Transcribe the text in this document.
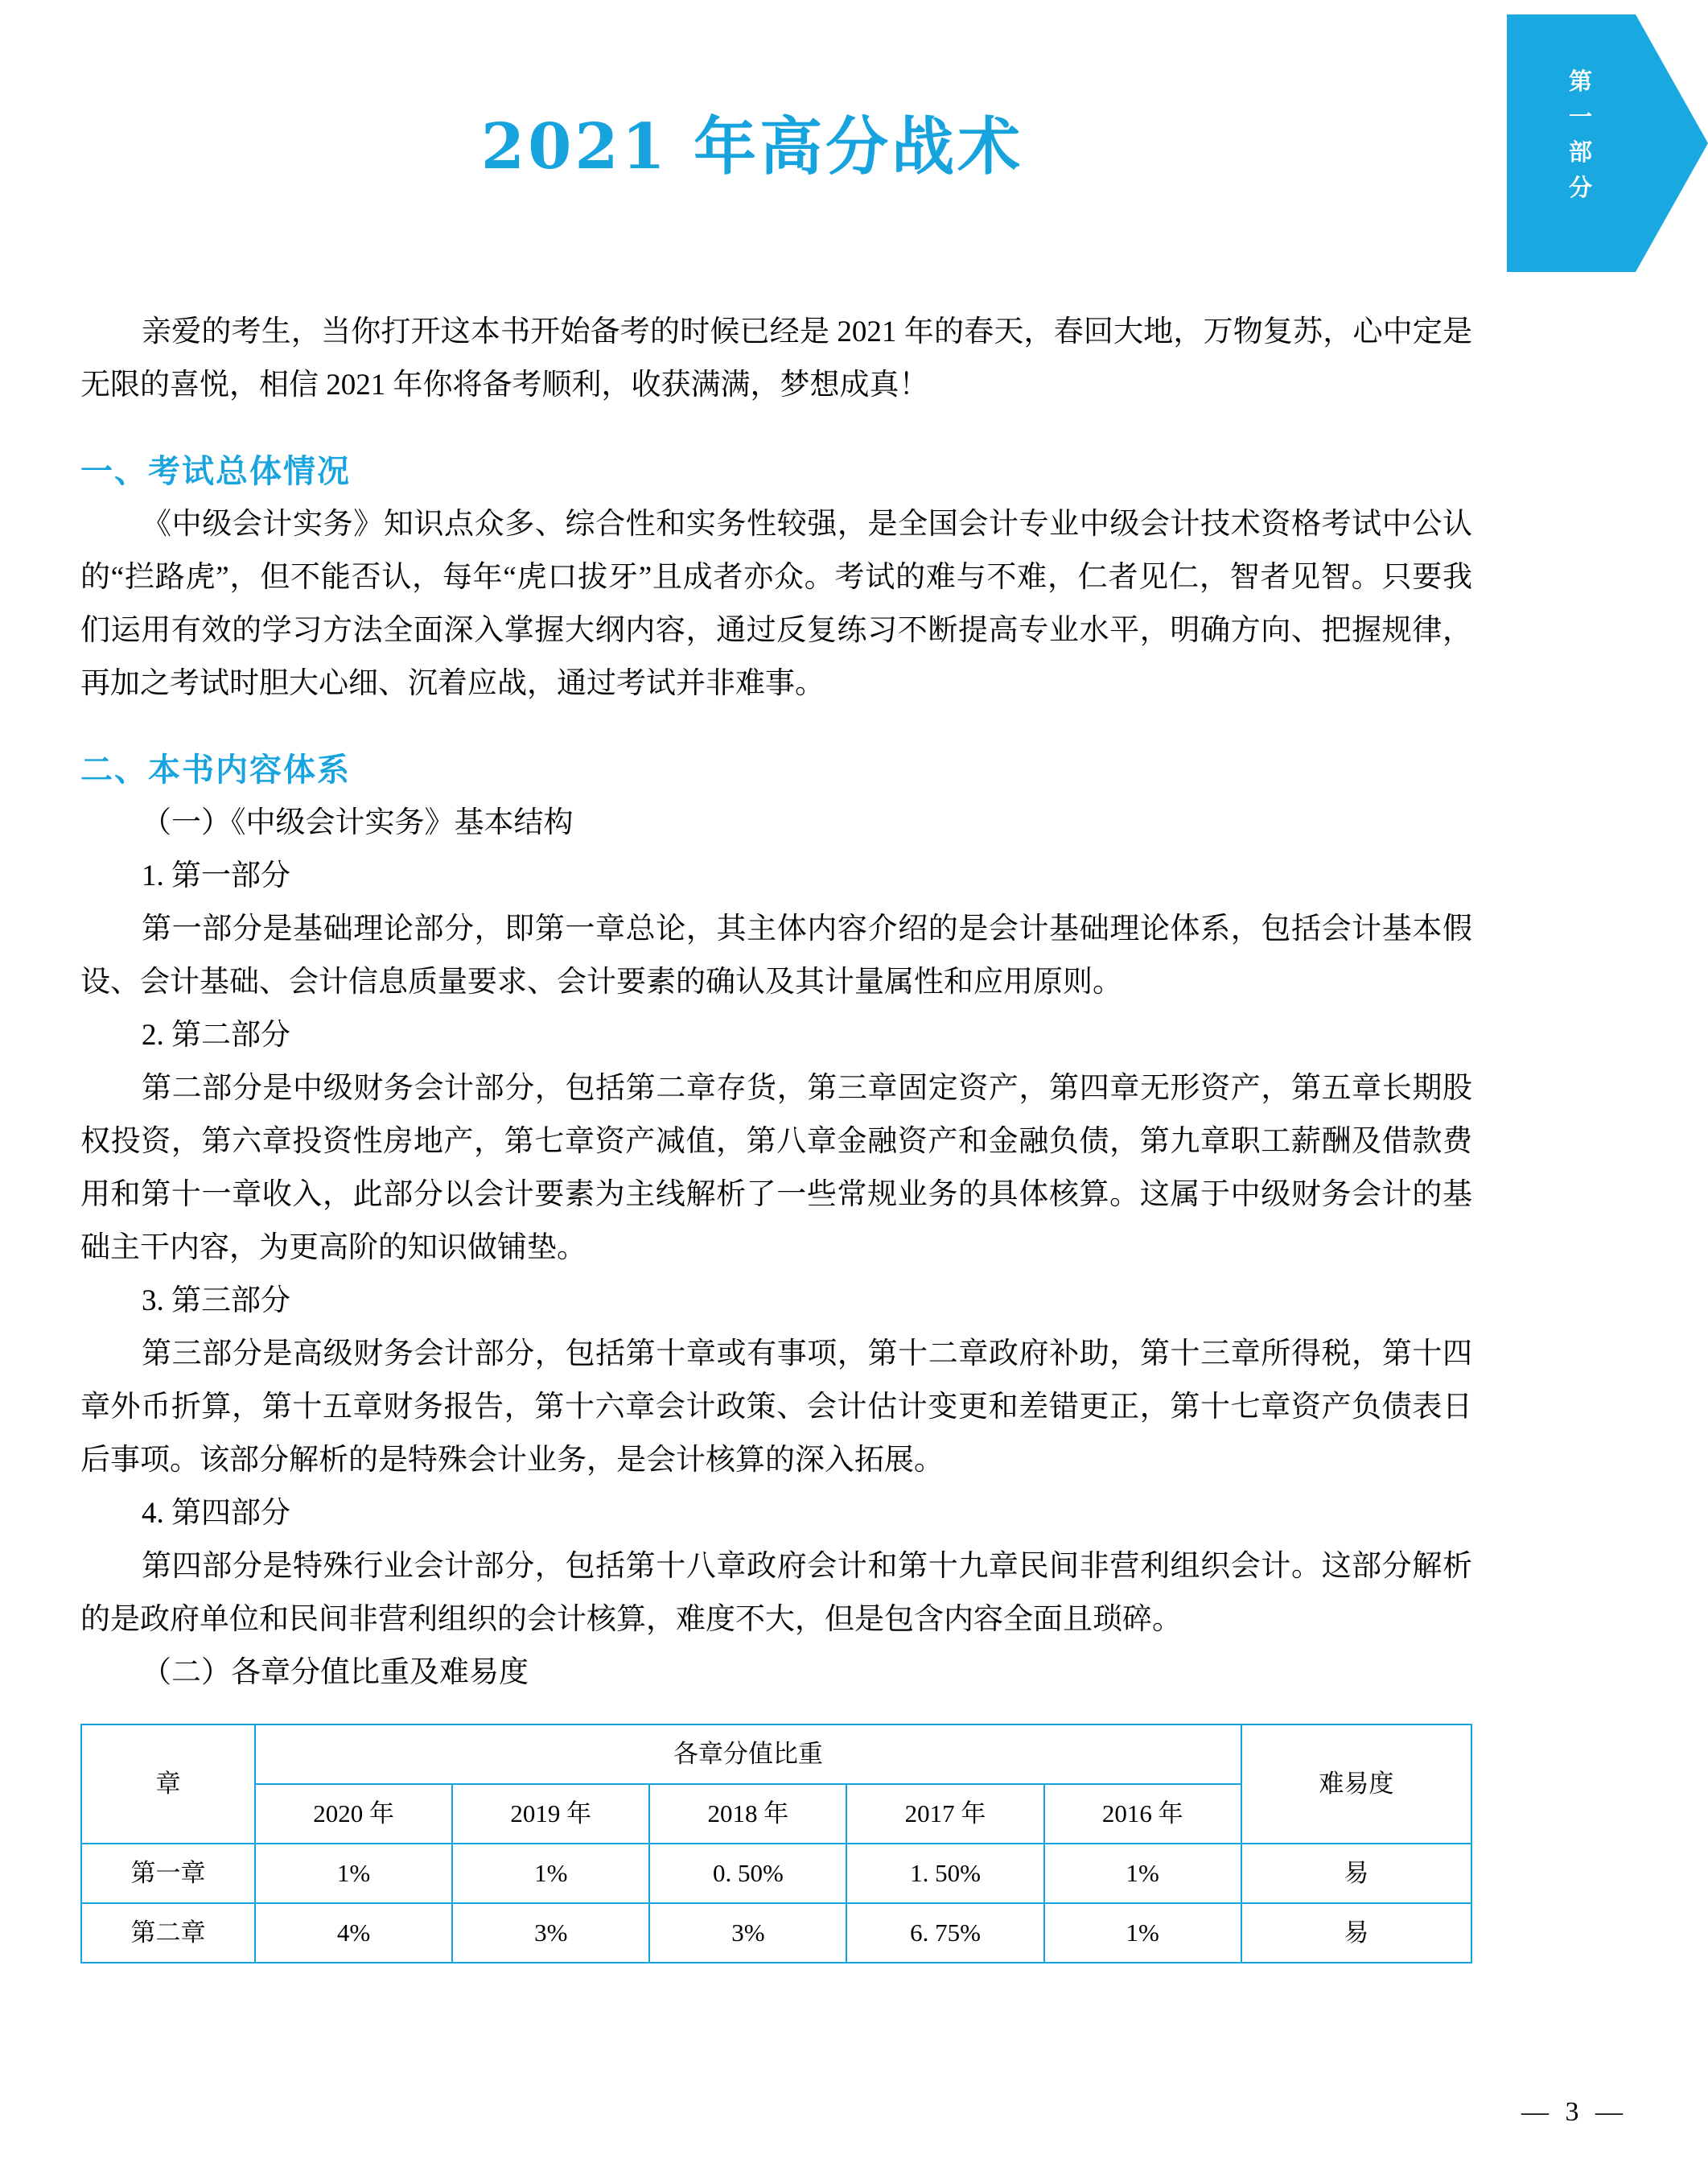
第
一
部
分
2021 年高分战术

亲爱的考生，当你打开这本书开始备考的时候已经是 2021 年的春天，春回大地，万物复苏，心中定是无限的喜悦，相信 2021 年你将备考顺利，收获满满，梦想成真！

一、考试总体情况

《中级会计实务》知识点众多、综合性和实务性较强，是全国会计专业中级会计技术资格考试中公认的“拦路虎”，但不能否认，每年“虎口拔牙”且成者亦众。考试的难与不难，仁者见仁，智者见智。只要我们运用有效的学习方法全面深入掌握大纲内容，通过反复练习不断提高专业水平，明确方向、把握规律，再加之考试时胆大心细、沉着应战，通过考试并非难事。

二、本书内容体系

（一）《中级会计实务》基本结构

1. 第一部分

第一部分是基础理论部分，即第一章总论，其主体内容介绍的是会计基础理论体系，包括会计基本假设、会计基础、会计信息质量要求、会计要素的确认及其计量属性和应用原则。

2. 第二部分

第二部分是中级财务会计部分，包括第二章存货，第三章固定资产，第四章无形资产，第五章长期股权投资，第六章投资性房地产，第七章资产减值，第八章金融资产和金融负债，第九章职工薪酬及借款费用和第十一章收入，此部分以会计要素为主线解析了一些常规业务的具体核算。这属于中级财务会计的基础主干内容，为更高阶的知识做铺垫。

3. 第三部分

第三部分是高级财务会计部分，包括第十章或有事项，第十二章政府补助，第十三章所得税，第十四章外币折算，第十五章财务报告，第十六章会计政策、会计估计变更和差错更正，第十七章资产负债表日后事项。该部分解析的是特殊会计业务，是会计核算的深入拓展。

4. 第四部分

第四部分是特殊行业会计部分，包括第十八章政府会计和第十九章民间非营利组织会计。这部分解析的是政府单位和民间非营利组织的会计核算，难度不大，但是包含内容全面且琐碎。

（二）各章分值比重及难易度

章	各章分值比重					难易度
	2020 年	2019 年	2018 年	2017 年	2016 年	
第一章	1%	1%	0. 50%	1. 50%	1%	易
第二章	4%	3%	3%	6. 75%	1%	易
— 3 —
